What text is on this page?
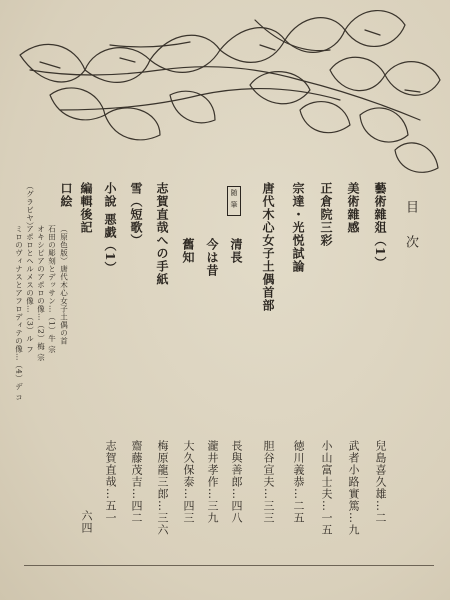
目次
藝術雜爼（1）
兒島喜久雄…二
美術雜感
武者小路實篤…九
正倉院三彩
小山富士夫…一五
宗達・光悦試論
徳川義恭…二五
唐代木心女子土偶首部
胆谷宣夫…三三
随筆
清長
長與善郎…四八
今は昔
瀧井孝作…三九
舊知
大久保泰…四三
志賀直哉への手紙
梅原龍三郎…三六
雪（短歌）
齋藤茂吉…四二
小說 悪戯（1）
志賀直哉…五一
編輯後記
六四
口絵
（原色版）唐代木心女子土偶の首
石田の彫刻とデッサン…（1）牛 宗
オキシピアのアポロの像…（2）梅 宗
アポロとヘルメスの像…（3）ル フ
ミロのヴィナスとアフロディテの像…（4）デ コ
（グラビヤ）
